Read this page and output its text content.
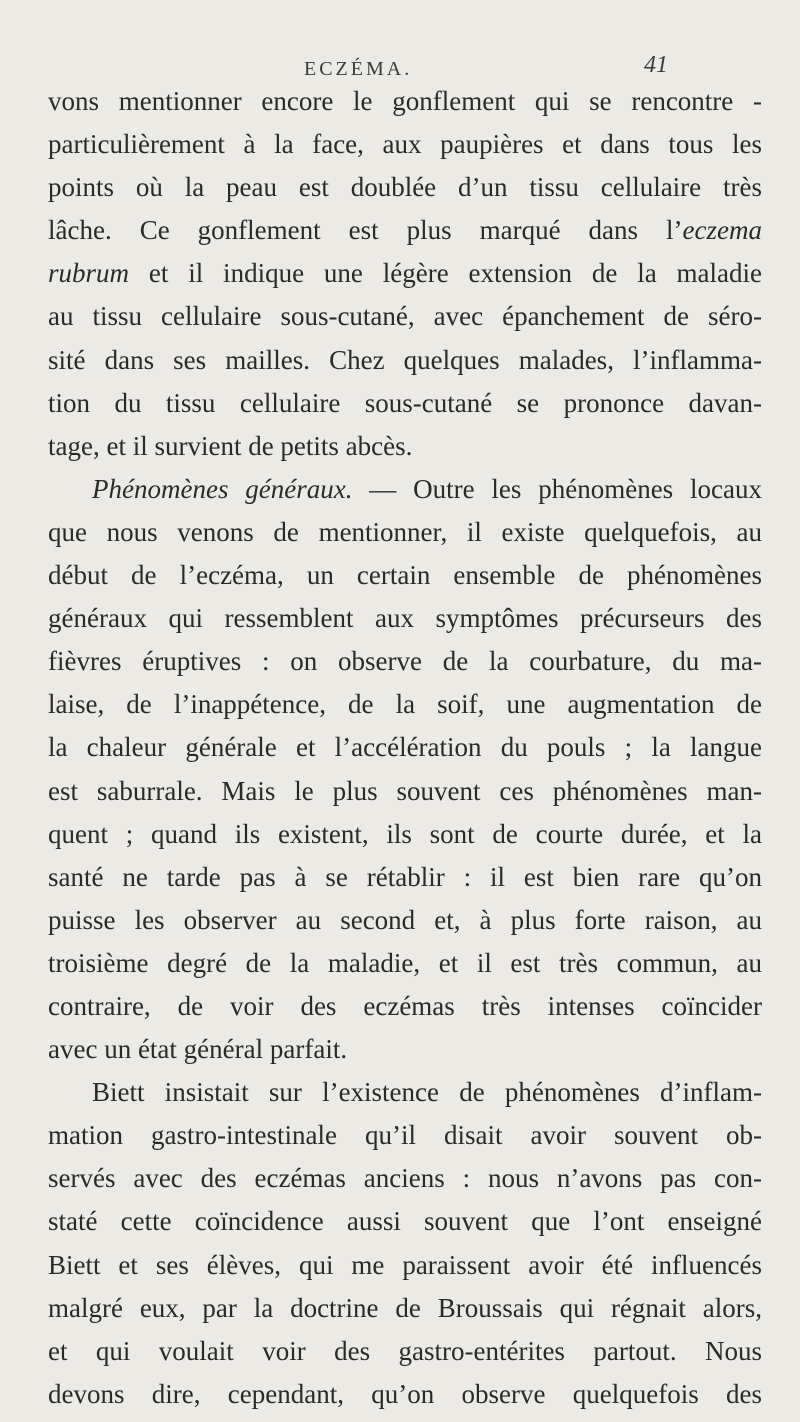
ECZÉMA.	41
vons mentionner encore le gonflement qui se rencontre -
particulièrement à la face, aux paupières et dans tous les
points où la peau est doublée d’un tissu cellulaire très
lâche. Ce gonflement est plus marqué dans l’eczema
rubrum et il indique une légère extension de la maladie
au tissu cellulaire sous-cutané, avec épanchement de séro-
sité dans ses mailles. Chez quelques malades, l’inflamma-
tion du tissu cellulaire sous-cutané se prononce davan-
tage, et il survient de petits abcès.
Phénomènes généraux. — Outre les phénomènes locaux
que nous venons de mentionner, il existe quelquefois, au
début de l’eczéma, un certain ensemble de phénomènes
généraux qui ressemblent aux symptômes précurseurs des
fièvres éruptives : on observe de la courbature, du ma-
laise, de l’inappétence, de la soif, une augmentation de
la chaleur générale et l’accélération du pouls ; la langue
est saburrale. Mais le plus souvent ces phénomènes man-
quent ; quand ils existent, ils sont de courte durée, et la
santé ne tarde pas à se rétablir : il est bien rare qu’on
puisse les observer au second et, à plus forte raison, au
troisième degré de la maladie, et il est très commun, au
contraire, de voir des eczémas très intenses coïncider
avec un état général parfait.
Biett insistait sur l’existence de phénomènes d’inflam-
mation gastro-intestinale qu’il disait avoir souvent ob-
servés avec des eczémas anciens : nous n’avons pas con-
staté cette coïncidence aussi souvent que l’ont enseigné
Biett et ses élèves, qui me paraissent avoir été influencés
malgré eux, par la doctrine de Broussais qui régnait alors,
et qui voulait voir des gastro-entérites partout. Nous
devons dire, cependant, qu’on observe quelquefois des
